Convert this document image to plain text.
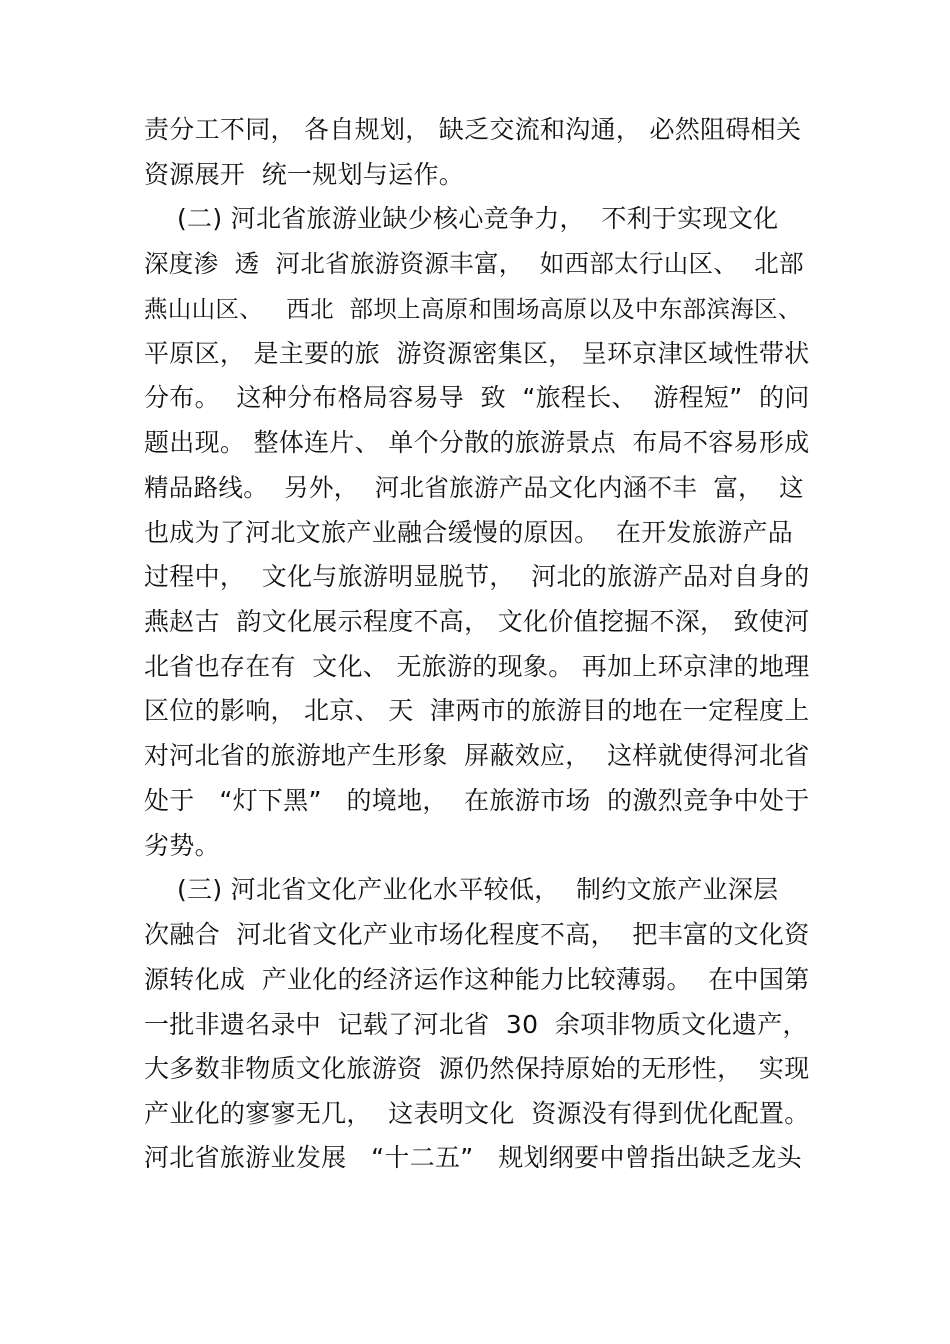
责分工不同， 各自规划， 缺乏交流和沟通， 必然阻碍相关
资源展开  统一规划与运作。
(二) 河北省旅游业缺少核心竞争力，  不利于实现文化
深度渗  透  河北省旅游资源丰富，  如西部太行山区、  北部
燕山山区、   西北  部坝上高原和围场高原以及中东部滨海区、
平原区， 是主要的旅  游资源密集区， 呈环京津区域性带状
分布。  这种分布格局容易导  致  “旅程长、  游程短”  的问
题出现。 整体连片、 单个分散的旅游景点  布局不容易形成
精品路线。  另外，  河北省旅游产品文化内涵不丰  富，  这
也成为了河北文旅产业融合缓慢的原因。  在开发旅游产品
过程中，  文化与旅游明显脱节，  河北的旅游产品对自身的
燕赵古  韵文化展示程度不高， 文化价值挖掘不深， 致使河
北省也存在有  文化、 无旅游的现象。 再加上环京津的地理
区位的影响， 北京、 天  津两市的旅游目的地在一定程度上
对河北省的旅游地产生形象  屏蔽效应，  这样就使得河北省
处于   “灯下黑”   的境地，  在旅游市场  的激烈竞争中处于
劣势。
(三) 河北省文化产业化水平较低，  制约文旅产业深层
次融合  河北省文化产业市场化程度不高，  把丰富的文化资
源转化成  产业化的经济运作这种能力比较薄弱。  在中国第
一批非遗名录中  记载了河北省  30  余项非物质文化遗产，
大多数非物质文化旅游资  源仍然保持原始的无形性，  实现
产业化的寥寥无几，  这表明文化  资源没有得到优化配置。
河北省旅游业发展   “十二五”   规划纲要中曾指出缺乏龙头
